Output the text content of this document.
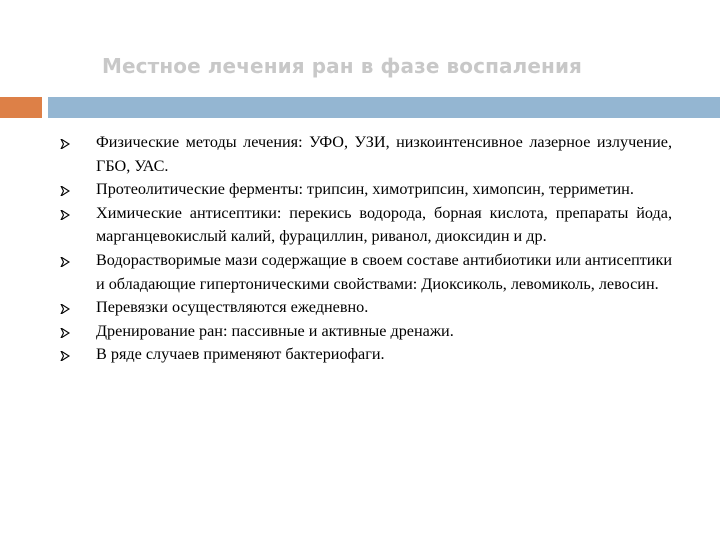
Местное лечения ран в фазе воспаления
Физические методы лечения: УФО, УЗИ, низкоинтенсивное лазерное излучение, ГБО, УАС.
Протеолитические ферменты: трипсин, химотрипсин, химопсин, терриметин.
Химические антисептики: перекись водорода, борная кислота, препараты йода, марганцевокислый калий, фурациллин, риванол, диоксидин и др.
Водорастворимые мази содержащие в своем составе антибиотики или антисептики и обладающие гипертоническими свойствами: Диоксиколь, левомиколь, левосин.
Перевязки осуществляются ежедневно.
Дренирование ран: пассивные и активные дренажи.
В ряде случаев применяют бактериофаги.
